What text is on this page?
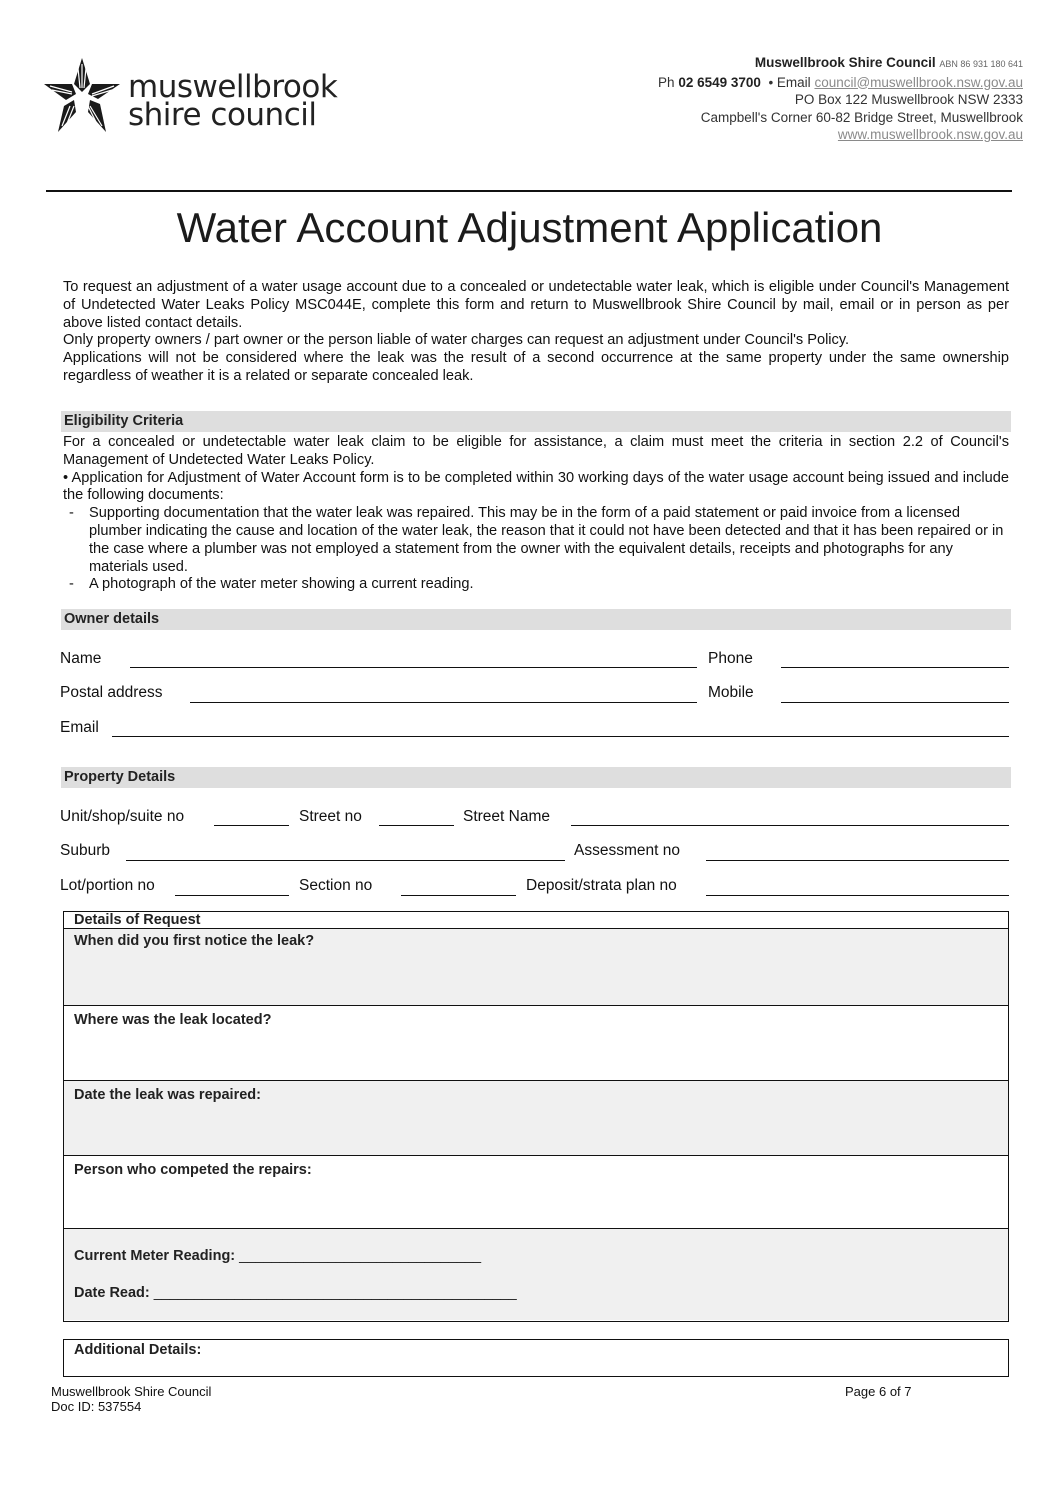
muswellbrook
shire council
Muswellbrook Shire Council ABN 86 931 180 641
Ph 02 6549 3700 • Email council@muswellbrook.nsw.gov.au
PO Box 122 Muswellbrook NSW 2333
Campbell's Corner 60-82 Bridge Street, Muswellbrook
www.muswellbrook.nsw.gov.au
Water Account Adjustment Application

To request an adjustment of a water usage account due to a concealed or undetectable water leak, which is eligible under Council's Management of Undetected Water Leaks Policy MSC044E, complete this form and return to Muswellbrook Shire Council by mail, email or in person as per above listed contact details.

Only property owners / part owner or the person liable of water charges can request an adjustment under Council's Policy.

Applications will not be considered where the leak was the result of a second occurrence at the same property under the same ownership regardless of weather it is a related or separate concealed leak.

Eligibility Criteria

For a concealed or undetectable water leak claim to be eligible for assistance, a claim must meet the criteria in section 2.2 of Council's Management of Undetected Water Leaks Policy.

• Application for Adjustment of Water Account form is to be completed within 30 working days of the water usage account being issued and include the following documents:

-	Supporting documentation that the water leak was repaired. This may be in the form of a paid statement or paid invoice from a licensed plumber indicating the cause and location of the water leak, the reason that it could not have been detected and that it has been repaired or in the case where a plumber was not employed a statement from the owner with the equivalent details, receipts and photographs for any materials used.
-	A photograph of the water meter showing a current reading.
Owner details
Name	Phone
Postal address	Mobile
Email
Property Details
Unit/shop/suite no	Street no	Street Name
Suburb	Assessment no
Lot/portion no	Section no	Deposit/strata plan no
Details of Request
When did you first notice the leak?
Where was the leak located?
Date the leak was repaired:
Person who competed the repairs:
Current Meter Reading: ______________________________
Date Read: _____________________________________________
Additional Details:
Muswellbrook Shire Council
Doc ID: 537554
Page 6 of 7
